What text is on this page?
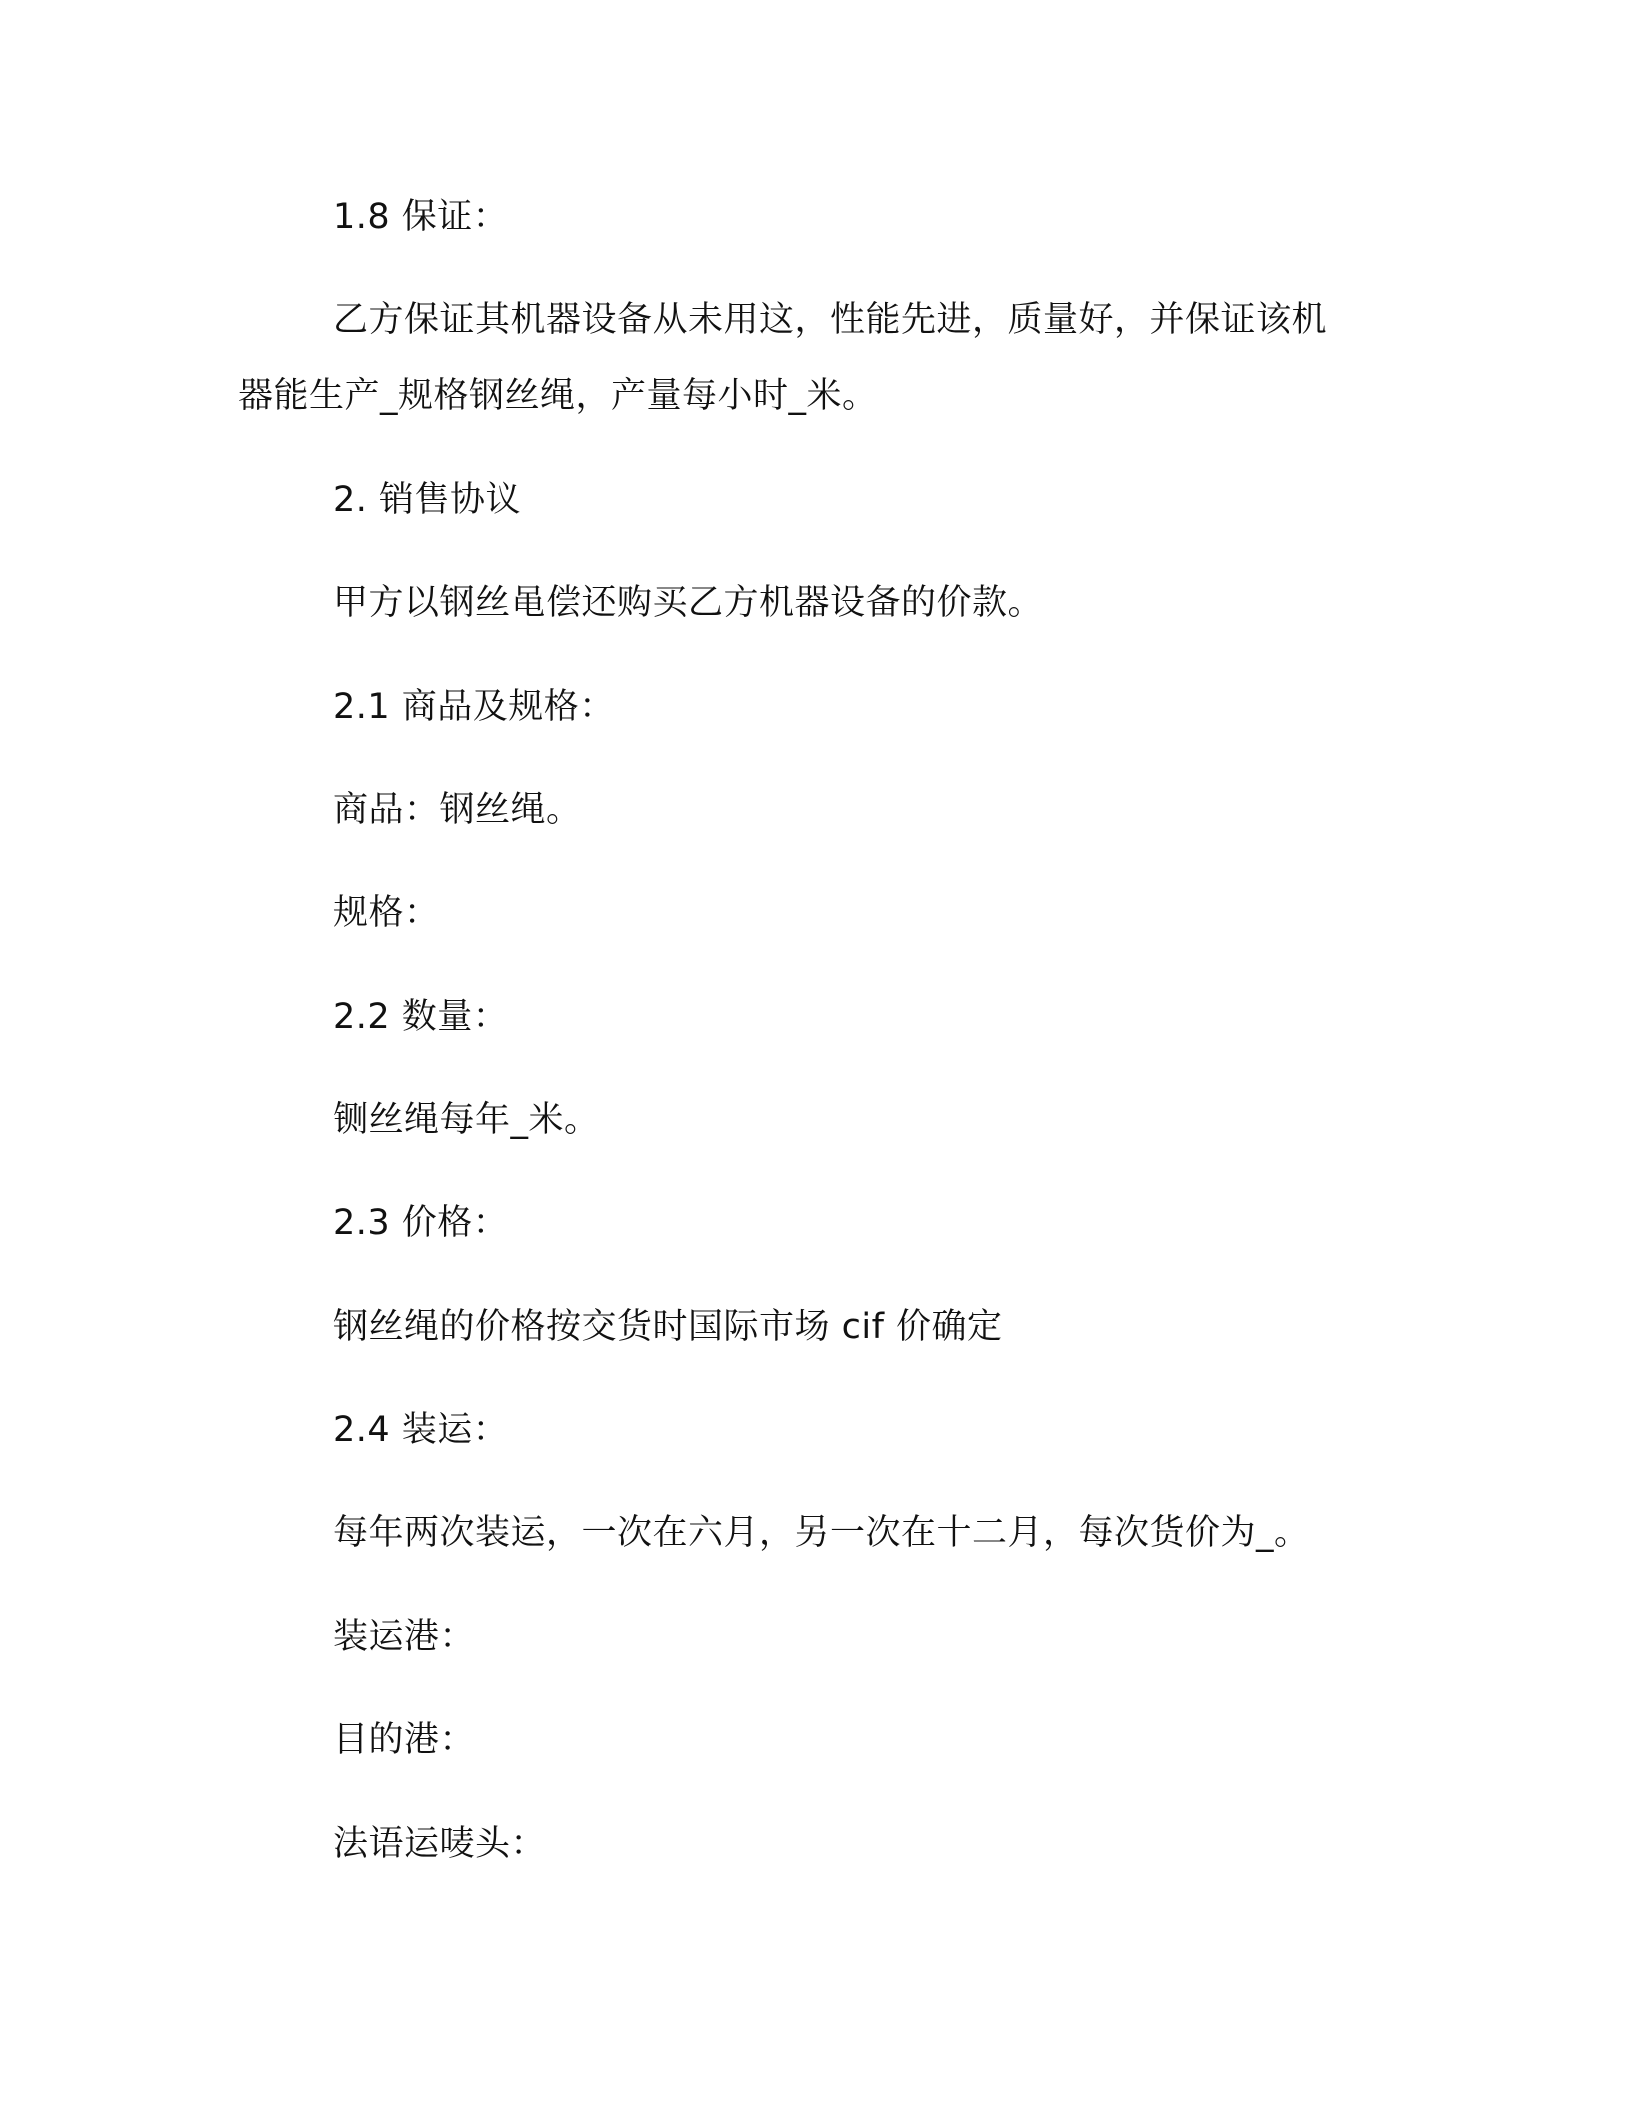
1.8 保证：
乙方保证其机器设备从未用这，性能先进，质量好，并保证该机
器能生产_规格钢丝绳，产量每小时_米。
2. 销售协议
甲方以钢丝黾偿还购买乙方机器设备的价款。
2.1 商品及规格：
商品：钢丝绳。
规格：
2.2 数量：
铡丝绳每年_米。
2.3 价格：
钢丝绳的价格按交货时国际市场 cif 价确定
2.4 装运：
每年两次装运，一次在六月，另一次在十二月，每次货价为_。
装运港：
目的港：
法语运唛头：
